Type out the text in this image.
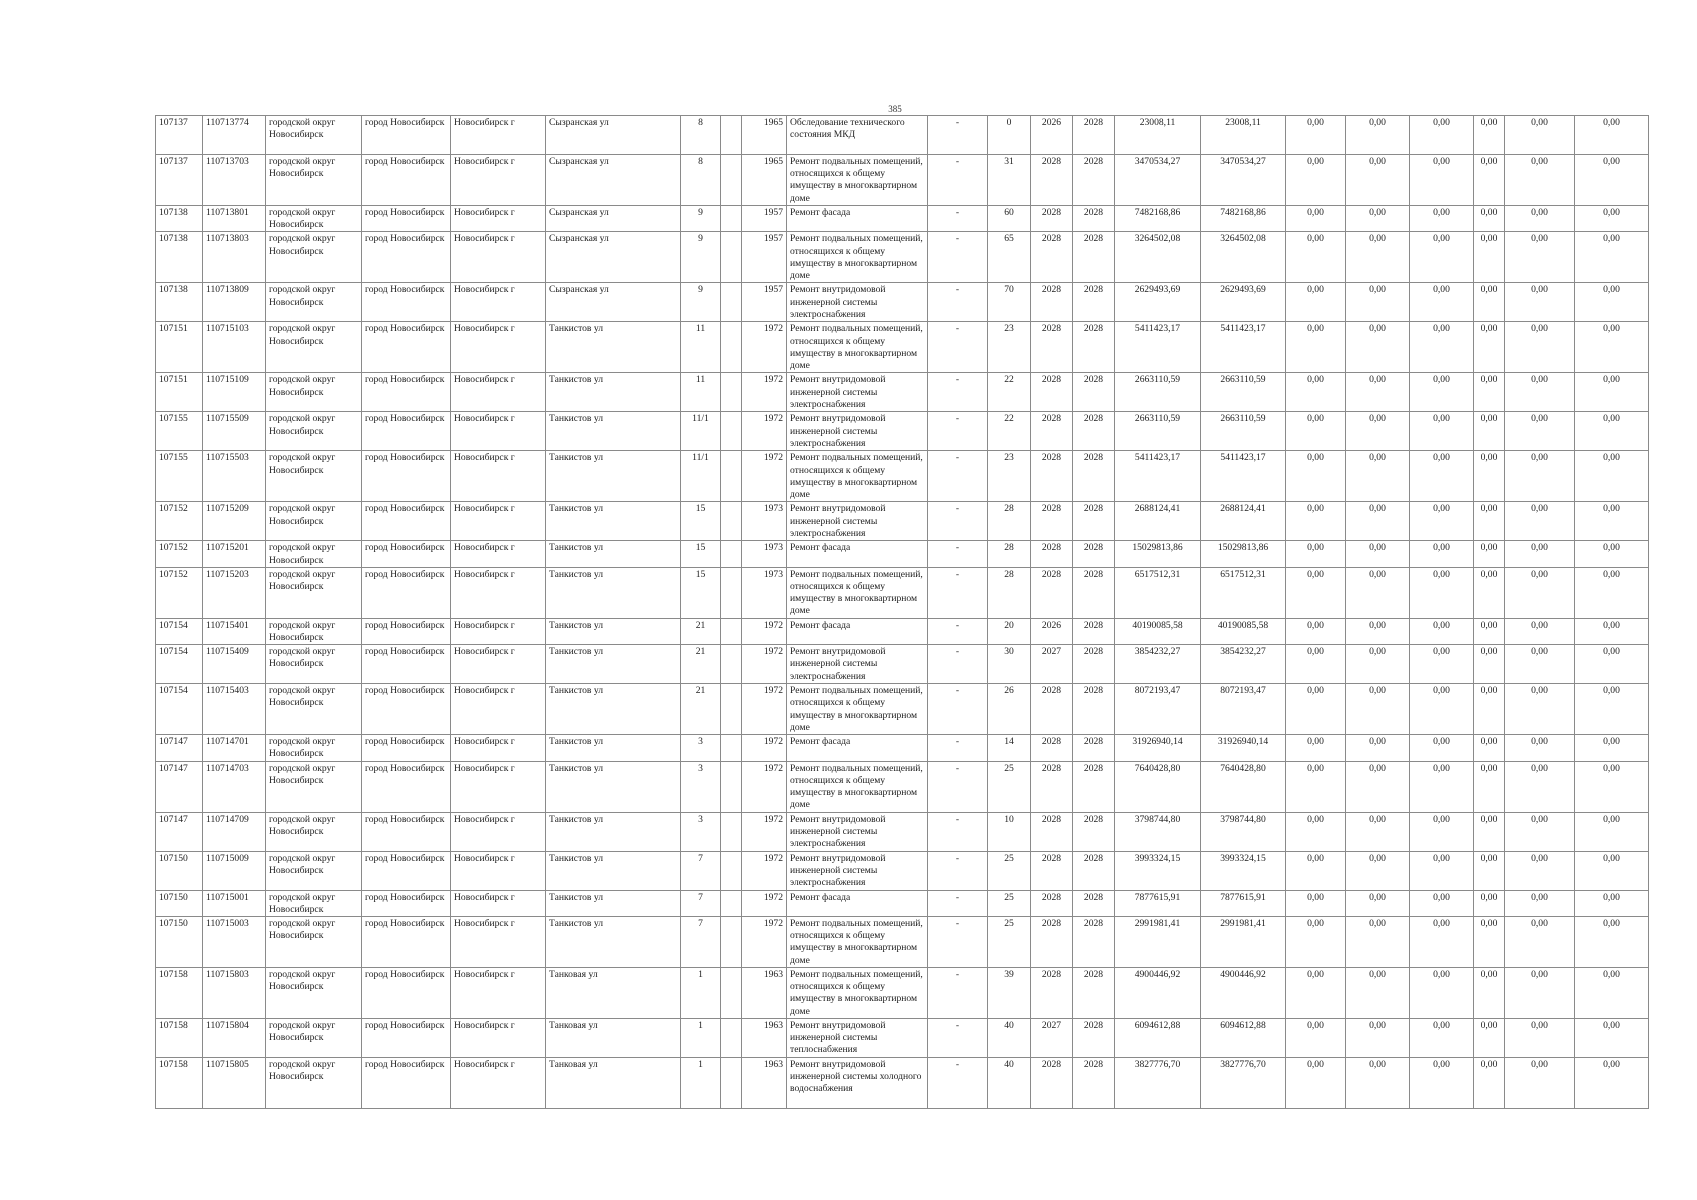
385
107137	110713774	городской округ Новосибирск	город Новосибирск	Новосибирск г	Сызранская ул	8		1965	Обследование технического состояния МКД	-	0	2026	2028	23008,11	23008,11	0,00	0,00	0,00	0,00	0,00	0,00
107137	110713703	городской округ Новосибирск	город Новосибирск	Новосибирск г	Сызранская ул	8		1965	Ремонт подвальных помещений, относящихся к общему имуществу в многоквартирном доме	-	31	2028	2028	3470534,27	3470534,27	0,00	0,00	0,00	0,00	0,00	0,00
107138	110713801	городской округ Новосибирск	город Новосибирск	Новосибирск г	Сызранская ул	9		1957	Ремонт фасада	-	60	2028	2028	7482168,86	7482168,86	0,00	0,00	0,00	0,00	0,00	0,00
107138	110713803	городской округ Новосибирск	город Новосибирск	Новосибирск г	Сызранская ул	9		1957	Ремонт подвальных помещений, относящихся к общему имуществу в многоквартирном доме	-	65	2028	2028	3264502,08	3264502,08	0,00	0,00	0,00	0,00	0,00	0,00
107138	110713809	городской округ Новосибирск	город Новосибирск	Новосибирск г	Сызранская ул	9		1957	Ремонт внутридомовой инженерной системы электроснабжения	-	70	2028	2028	2629493,69	2629493,69	0,00	0,00	0,00	0,00	0,00	0,00
107151	110715103	городской округ Новосибирск	город Новосибирск	Новосибирск г	Танкистов ул	11		1972	Ремонт подвальных помещений, относящихся к общему имуществу в многоквартирном доме	-	23	2028	2028	5411423,17	5411423,17	0,00	0,00	0,00	0,00	0,00	0,00
107151	110715109	городской округ Новосибирск	город Новосибирск	Новосибирск г	Танкистов ул	11		1972	Ремонт внутридомовой инженерной системы электроснабжения	-	22	2028	2028	2663110,59	2663110,59	0,00	0,00	0,00	0,00	0,00	0,00
107155	110715509	городской округ Новосибирск	город Новосибирск	Новосибирск г	Танкистов ул	11/1		1972	Ремонт внутридомовой инженерной системы электроснабжения	-	22	2028	2028	2663110,59	2663110,59	0,00	0,00	0,00	0,00	0,00	0,00
107155	110715503	городской округ Новосибирск	город Новосибирск	Новосибирск г	Танкистов ул	11/1		1972	Ремонт подвальных помещений, относящихся к общему имуществу в многоквартирном доме	-	23	2028	2028	5411423,17	5411423,17	0,00	0,00	0,00	0,00	0,00	0,00
107152	110715209	городской округ Новосибирск	город Новосибирск	Новосибирск г	Танкистов ул	15		1973	Ремонт внутридомовой инженерной системы электроснабжения	-	28	2028	2028	2688124,41	2688124,41	0,00	0,00	0,00	0,00	0,00	0,00
107152	110715201	городской округ Новосибирск	город Новосибирск	Новосибирск г	Танкистов ул	15		1973	Ремонт фасада	-	28	2028	2028	15029813,86	15029813,86	0,00	0,00	0,00	0,00	0,00	0,00
107152	110715203	городской округ Новосибирск	город Новосибирск	Новосибирск г	Танкистов ул	15		1973	Ремонт подвальных помещений, относящихся к общему имуществу в многоквартирном доме	-	28	2028	2028	6517512,31	6517512,31	0,00	0,00	0,00	0,00	0,00	0,00
107154	110715401	городской округ Новосибирск	город Новосибирск	Новосибирск г	Танкистов ул	21		1972	Ремонт фасада	-	20	2026	2028	40190085,58	40190085,58	0,00	0,00	0,00	0,00	0,00	0,00
107154	110715409	городской округ Новосибирск	город Новосибирск	Новосибирск г	Танкистов ул	21		1972	Ремонт внутридомовой инженерной системы электроснабжения	-	30	2027	2028	3854232,27	3854232,27	0,00	0,00	0,00	0,00	0,00	0,00
107154	110715403	городской округ Новосибирск	город Новосибирск	Новосибирск г	Танкистов ул	21		1972	Ремонт подвальных помещений, относящихся к общему имуществу в многоквартирном доме	-	26	2028	2028	8072193,47	8072193,47	0,00	0,00	0,00	0,00	0,00	0,00
107147	110714701	городской округ Новосибирск	город Новосибирск	Новосибирск г	Танкистов ул	3		1972	Ремонт фасада	-	14	2028	2028	31926940,14	31926940,14	0,00	0,00	0,00	0,00	0,00	0,00
107147	110714703	городской округ Новосибирск	город Новосибирск	Новосибирск г	Танкистов ул	3		1972	Ремонт подвальных помещений, относящихся к общему имуществу в многоквартирном доме	-	25	2028	2028	7640428,80	7640428,80	0,00	0,00	0,00	0,00	0,00	0,00
107147	110714709	городской округ Новосибирск	город Новосибирск	Новосибирск г	Танкистов ул	3		1972	Ремонт внутридомовой инженерной системы электроснабжения	-	10	2028	2028	3798744,80	3798744,80	0,00	0,00	0,00	0,00	0,00	0,00
107150	110715009	городской округ Новосибирск	город Новосибирск	Новосибирск г	Танкистов ул	7		1972	Ремонт внутридомовой инженерной системы электроснабжения	-	25	2028	2028	3993324,15	3993324,15	0,00	0,00	0,00	0,00	0,00	0,00
107150	110715001	городской округ Новосибирск	город Новосибирск	Новосибирск г	Танкистов ул	7		1972	Ремонт фасада	-	25	2028	2028	7877615,91	7877615,91	0,00	0,00	0,00	0,00	0,00	0,00
107150	110715003	городской округ Новосибирск	город Новосибирск	Новосибирск г	Танкистов ул	7		1972	Ремонт подвальных помещений, относящихся к общему имуществу в многоквартирном доме	-	25	2028	2028	2991981,41	2991981,41	0,00	0,00	0,00	0,00	0,00	0,00
107158	110715803	городской округ Новосибирск	город Новосибирск	Новосибирск г	Танковая ул	1		1963	Ремонт подвальных помещений, относящихся к общему имуществу в многоквартирном доме	-	39	2028	2028	4900446,92	4900446,92	0,00	0,00	0,00	0,00	0,00	0,00
107158	110715804	городской округ Новосибирск	город Новосибирск	Новосибирск г	Танковая ул	1		1963	Ремонт внутридомовой инженерной системы теплоснабжения	-	40	2027	2028	6094612,88	6094612,88	0,00	0,00	0,00	0,00	0,00	0,00
107158	110715805	городской округ Новосибирск	город Новосибирск	Новосибирск г	Танковая ул	1		1963	Ремонт внутридомовой инженерной системы холодного водоснабжения	-	40	2028	2028	3827776,70	3827776,70	0,00	0,00	0,00	0,00	0,00	0,00
